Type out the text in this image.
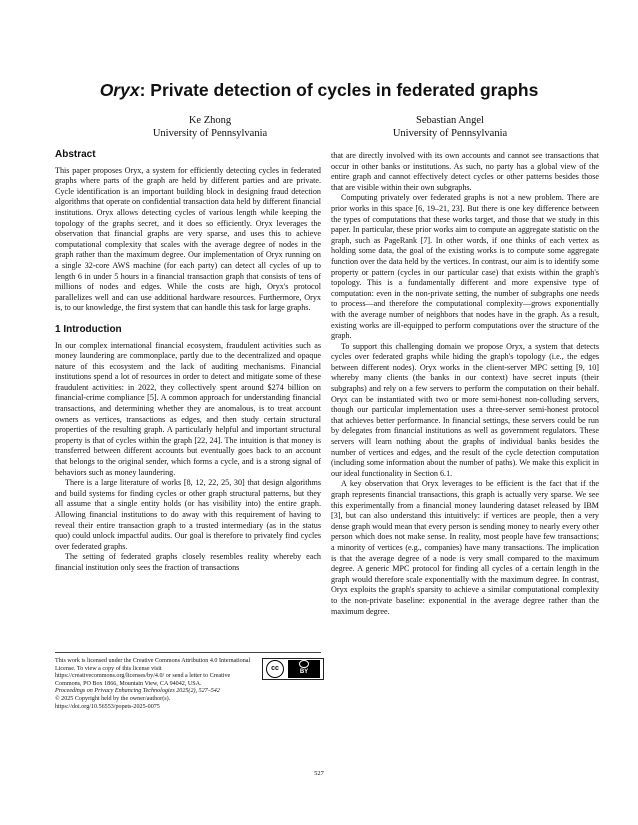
Oryx: Private detection of cycles in federated graphs
Ke Zhong
University of Pennsylvania
Sebastian Angel
University of Pennsylvania
Abstract

This paper proposes Oryx, a system for efficiently detecting cycles in federated graphs where parts of the graph are held by different parties and are private. Cycle identification is an important building block in designing fraud detection algorithms that operate on confidential transaction data held by different financial institutions. Oryx allows detecting cycles of various length while keeping the topology of the graphs secret, and it does so efficiently. Oryx leverages the observation that financial graphs are very sparse, and uses this to achieve computational complexity that scales with the average degree of nodes in the graph rather than the maximum degree. Our implementation of Oryx running on a single 32-core AWS machine (for each party) can detect all cycles of up to length 6 in under 5 hours in a financial transaction graph that consists of tens of millions of nodes and edges. While the costs are high, Oryx's protocol parallelizes well and can use additional hardware resources. Furthermore, Oryx is, to our knowledge, the first system that can handle this task for large graphs.

1 Introduction

In our complex international financial ecosystem, fraudulent activities such as money laundering are commonplace, partly due to the decentralized and opaque nature of this ecosystem and the lack of auditing mechanisms. Financial institutions spend a lot of resources in order to detect and mitigate some of these fraudulent activities: in 2022, they collectively spent around $274 billion on financial-crime compliance [5]. A common approach for understanding financial transactions, and determining whether they are anomalous, is to treat account owners as vertices, transactions as edges, and then study certain structural properties of the resulting graph. A particularly helpful and important structural property is that of cycles within the graph [22, 24]. The intuition is that money is transferred between different accounts but eventually goes back to an account that belongs to the original sender, which forms a cycle, and is a strong signal of behaviors such as money laundering.

There is a large literature of works [8, 12, 22, 25, 30] that design algorithms and build systems for finding cycles or other graph structural patterns, but they all assume that a single entity holds (or has visibility into) the entire graph. Allowing financial institutions to do away with this requirement of having to reveal their entire transaction graph to a trusted intermediary (as in the status quo) could unlock impactful audits. Our goal is therefore to privately find cycles over federated graphs.

The setting of federated graphs closely resembles reality whereby each financial institution only sees the fraction of transactions

This work is licensed under the Creative Commons Attribution 4.0 International License. To view a copy of this license visit https://creativecommons.org/licenses/by/4.0/ or send a letter to Creative Commons, PO Box 1866, Mountain View, CA 94042, USA.
cc
BY
Proceedings on Privacy Enhancing Technologies 2025(2), 527–542
© 2025 Copyright held by the owner/author(s).
https://doi.org/10.56553/popets-2025-0075

that are directly involved with its own accounts and cannot see transactions that occur in other banks or institutions. As such, no party has a global view of the entire graph and cannot effectively detect cycles or other patterns besides those that are visible within their own subgraphs.

Computing privately over federated graphs is not a new problem. There are prior works in this space [6, 19–21, 23]. But there is one key difference between the types of computations that these works target, and those that we study in this paper. In particular, these prior works aim to compute an aggregate statistic on the graph, such as PageRank [7]. In other words, if one thinks of each vertex as holding some data, the goal of the existing works is to compute some aggregate function over the data held by the vertices. In contrast, our aim is to identify some property or pattern (cycles in our particular case) that exists within the graph's topology. This is a fundamentally different and more expensive type of computation: even in the non-private setting, the number of subgraphs one needs to process—and therefore the computational complexity—grows exponentially with the average number of neighbors that nodes have in the graph. As a result, existing works are ill-equipped to perform computations over the structure of the graph.

To support this challenging domain we propose Oryx, a system that detects cycles over federated graphs while hiding the graph's topology (i.e., the edges between different nodes). Oryx works in the client-server MPC setting [9, 10] whereby many clients (the banks in our context) have secret inputs (their subgraphs) and rely on a few servers to perform the computation on their behalf. Oryx can be instantiated with two or more semi-honest non-colluding servers, though our particular implementation uses a three-server semi-honest protocol that achieves better performance. In financial settings, these servers could be run by delegates from financial institutions as well as government regulators. These servers will learn nothing about the graphs of individual banks besides the number of vertices and edges, and the result of the cycle detection computation (including some information about the number of paths). We make this explicit in our ideal functionality in Section 6.1.

A key observation that Oryx leverages to be efficient is the fact that if the graph represents financial transactions, this graph is actually very sparse. We see this experimentally from a financial money laundering dataset released by IBM [3], but can also understand this intuitively: if vertices are people, then a very dense graph would mean that every person is sending money to nearly every other person which does not make sense. In reality, most people have few transactions; a minority of vertices (e.g., companies) have many transactions. The implication is that the average degree of a node is very small compared to the maximum degree. A generic MPC protocol for finding all cycles of a certain length in the graph would therefore scale exponentially with the maximum degree. In contrast, Oryx exploits the graph's sparsity to achieve a similar computational complexity to the non-private baseline: exponential in the average degree rather than the maximum degree.

527
